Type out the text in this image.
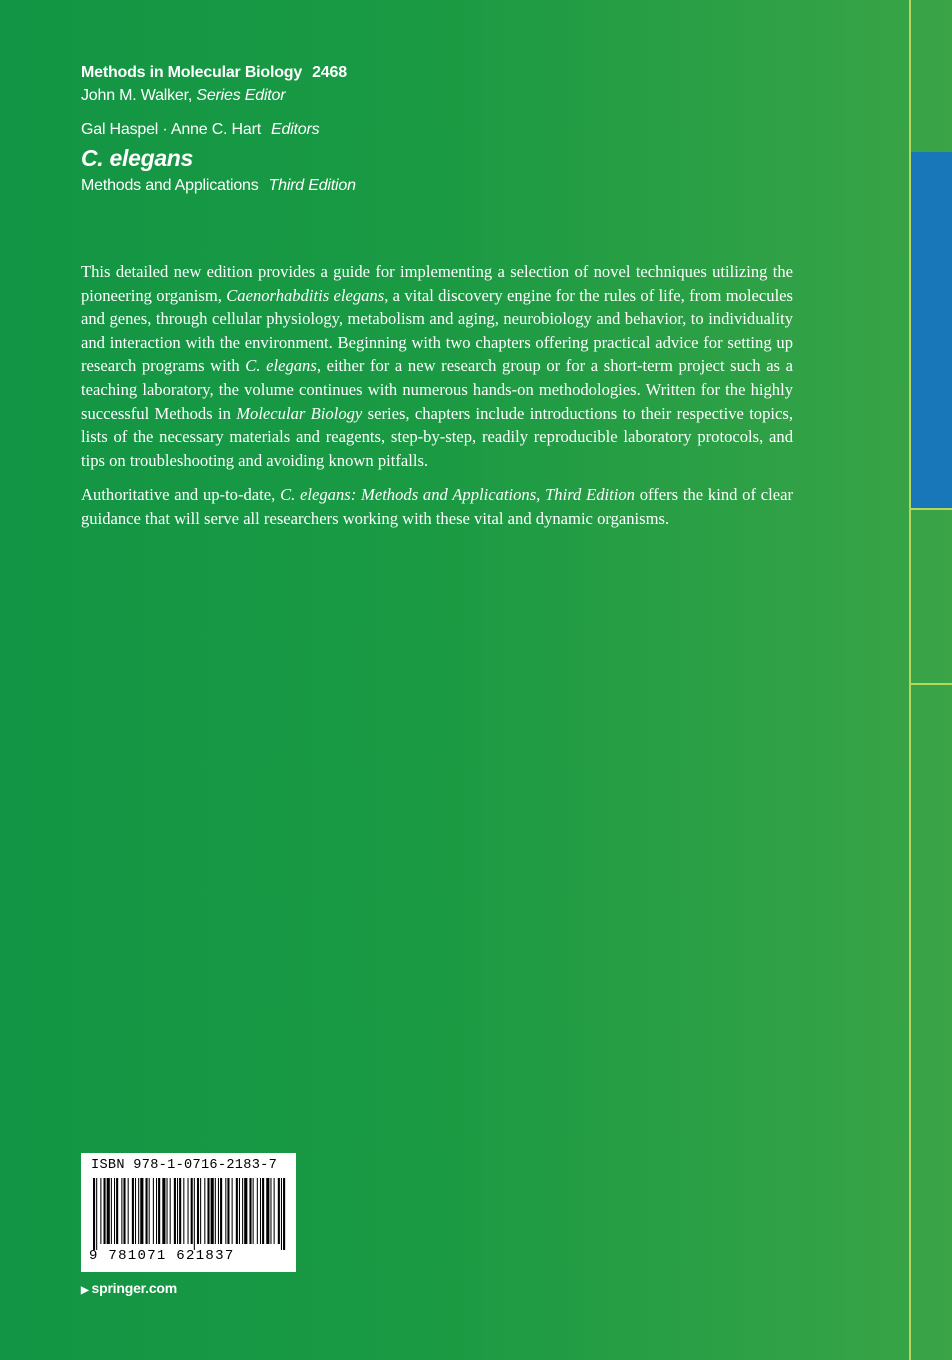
Methods in Molecular Biology 2468
John M. Walker, Series Editor
Gal Haspel · Anne C. Hart Editors
C. elegans
Methods and Applications Third Edition

This detailed new edition provides a guide for implementing a selection of novel techniques utilizing the pioneering organism, Caenorhabditis elegans, a vital discovery engine for the rules of life, from molecules and genes, through cellular physiology, metabolism and aging, neurobiology and behavior, to individuality and interaction with the environment. Beginning with two chapters offering practical advice for setting up research programs with C. elegans, either for a new research group or for a short-term project such as a teaching laboratory, the volume continues with numerous hands-on methodologies. Written for the highly successful Methods in Molecular Biology series, chapters include introductions to their respective topics, lists of the necessary materials and reagents, step-by-step, readily reproducible laboratory protocols, and tips on troubleshooting and avoiding known pitfalls.

Authoritative and up-to-date, C. elegans: Methods and Applications, Third Edition offers the kind of clear guidance that will serve all researchers working with these vital and dynamic organisms.

ISBN 978-1-0716-2183-7
9 781071 621837
▶ springer.com
